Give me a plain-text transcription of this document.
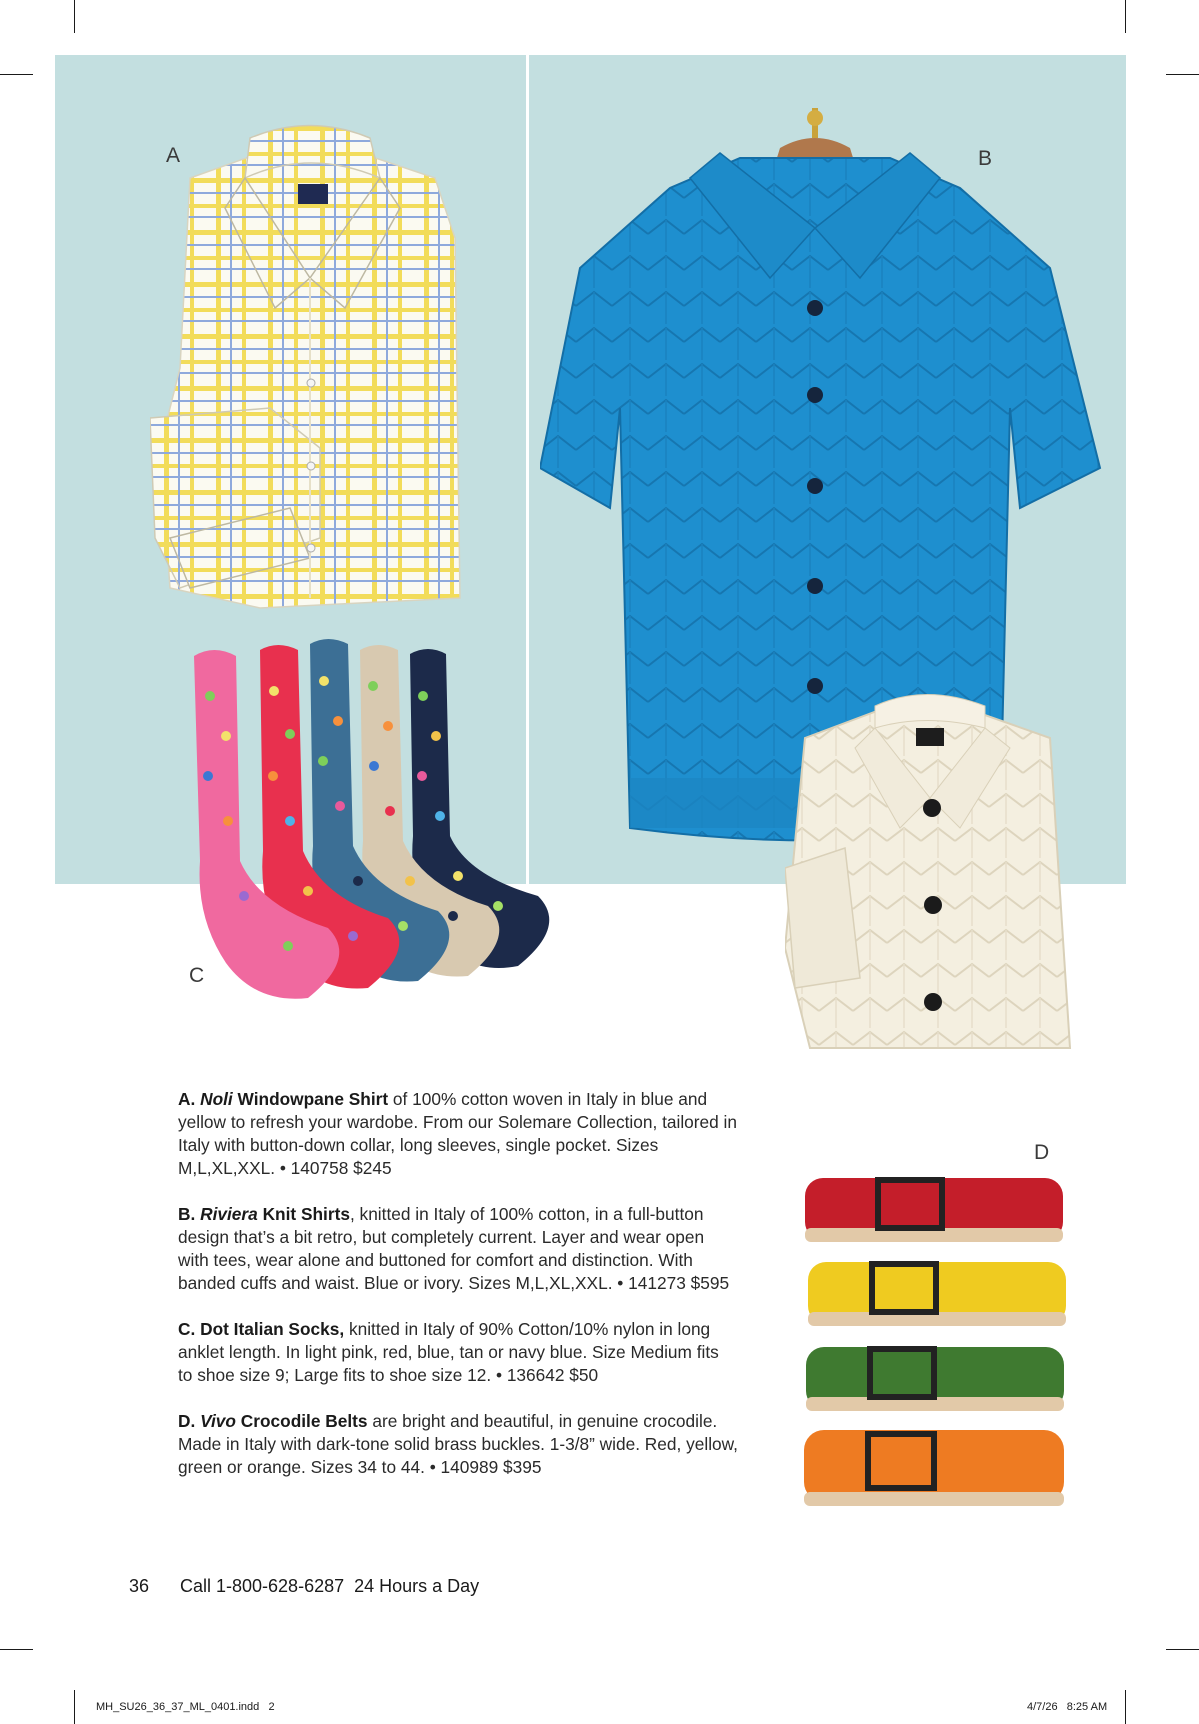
A	B
C
D

A. Noli Windowpane Shirt of 100% cotton woven in Italy in blue and yellow to refresh your wardobe. From our Solemare Collection, tailored in Italy with button-down collar, long sleeves, single pocket. Sizes M,L,XL,XXL. • 140758 $245

B. Riviera Knit Shirts, knitted in Italy of 100% cotton, in a full-button design that’s a bit retro, but completely current. Layer and wear open with tees, wear alone and buttoned for comfort and distinction. With banded cuffs and waist. Blue or ivory. Sizes M,L,XL,XXL. • 141273 $595

C. Dot Italian Socks, knitted in Italy of 90% Cotton/10% nylon in long anklet length. In light pink, red, blue, tan or navy blue. Size Medium fits to shoe size 9; Large fits to shoe size 12. • 136642 $50

D. Vivo Crocodile Belts are bright and beautiful, in genuine crocodile. Made in Italy with dark-tone solid brass buckles. 1-3/8” wide. Red, yellow, green or orange. Sizes 34 to 44. • 140989 $395

36 Call 1-800-628-6287  24 Hours a Day
MH_SU26_36_37_ML_0401.indd   2	4/7/26   8:25 AM
